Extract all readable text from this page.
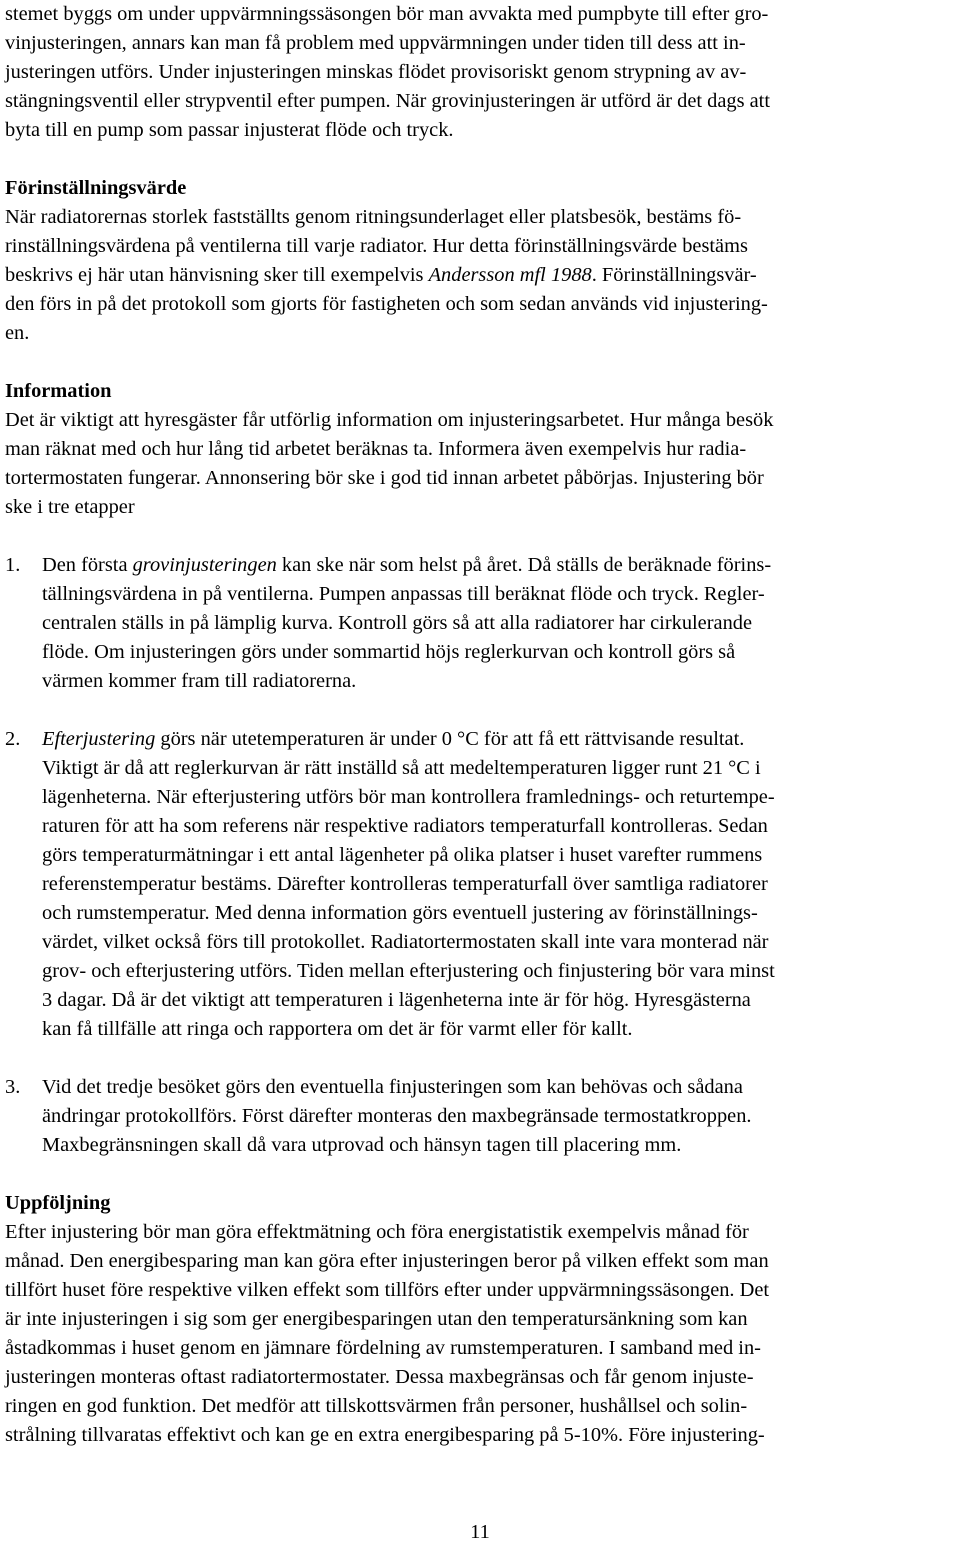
stemet byggs om under uppvärmningssäsongen bör man avvakta med pumpbyte till efter gro-
vinjusteringen, annars kan man få problem med uppvärmningen under tiden till dess att in-
justeringen utförs. Under injusteringen minskas flödet provisoriskt genom strypning av av-
stängningsventil eller strypventil efter pumpen. När grovinjusteringen är utförd är det dags att
byta till en pump som passar injusterat flöde och tryck.
Förinställningsvärde
När radiatorernas storlek fastställts genom ritningsunderlaget eller platsbesök, bestäms fö-
rinställningsvärdena på ventilerna till varje radiator. Hur detta förinställningsvärde bestäms
beskrivs ej här utan hänvisning sker till exempelvis Andersson mfl 1988. Förinställningsvär-
den förs in på det protokoll som gjorts för fastigheten och som sedan används vid injustering-
en.
Information
Det är viktigt att hyresgäster får utförlig information om injusteringsarbetet. Hur många besök
man räknat med och hur lång tid arbetet beräknas ta. Informera även exempelvis hur radia-
tortermostaten fungerar. Annonsering bör ske i god tid innan arbetet påbörjas. Injustering bör
ske i tre etapper
1. Den första grovinjusteringen kan ske när som helst på året. Då ställs de beräknade förins-
tällningsvärdena in på ventilerna. Pumpen anpassas till beräknat flöde och tryck. Regler-
centralen ställs in på lämplig kurva. Kontroll görs så att alla radiatorer har cirkulerande
flöde. Om injusteringen görs under sommartid höjs reglerkurvan och kontroll görs så
värmen kommer fram till radiatorerna.
2. Efterjustering görs när utetemperaturen är under 0 °C för att få ett rättvisande resultat.
Viktigt är då att reglerkurvan är rätt inställd så att medeltemperaturen ligger runt 21 °C i
lägenheterna. När efterjustering utförs bör man kontrollera framlednings- och returtempe-
raturen för att ha som referens när respektive radiators temperaturfall kontrolleras. Sedan
görs temperaturmätningar i ett antal lägenheter på olika platser i huset varefter rummens
referenstemperatur bestäms. Därefter kontrolleras temperaturfall över samtliga radiatorer
och rumstemperatur. Med denna information görs eventuell justering av förinställnings-
värdet, vilket också förs till protokollet. Radiatortermostaten skall inte vara monterad när
grov- och efterjustering utförs. Tiden mellan efterjustering och finjustering bör vara minst
3 dagar. Då är det viktigt att temperaturen i lägenheterna inte är för hög. Hyresgästerna
kan få tillfälle att ringa och rapportera om det är för varmt eller för kallt.
3. Vid det tredje besöket görs den eventuella finjusteringen som kan behövas och sådana
ändringar protokollförs. Först därefter monteras den maxbegränsade termostatkroppen.
Maxbegränsningen skall då vara utprovad och hänsyn tagen till placering mm.
Uppföljning
Efter injustering bör man göra effektmätning och föra energistatistik exempelvis månad för
månad. Den energibesparing man kan göra efter injusteringen beror på vilken effekt som man
tillfört huset före respektive vilken effekt som tillförs efter under uppvärmningssäsongen. Det
är inte injusteringen i sig som ger energibesparingen utan den temperatursänkning som kan
åstadkommas i huset genom en jämnare fördelning av rumstemperaturen. I samband med in-
justeringen monteras oftast radiatortermostater. Dessa maxbegränsas och får genom injuste-
ringen en god funktion. Det medför att tillskottsvärmen från personer, hushållsel och solin-
strålning tillvaratas effektivt och kan ge en extra energibesparing på 5-10%. Före injustering-
11
